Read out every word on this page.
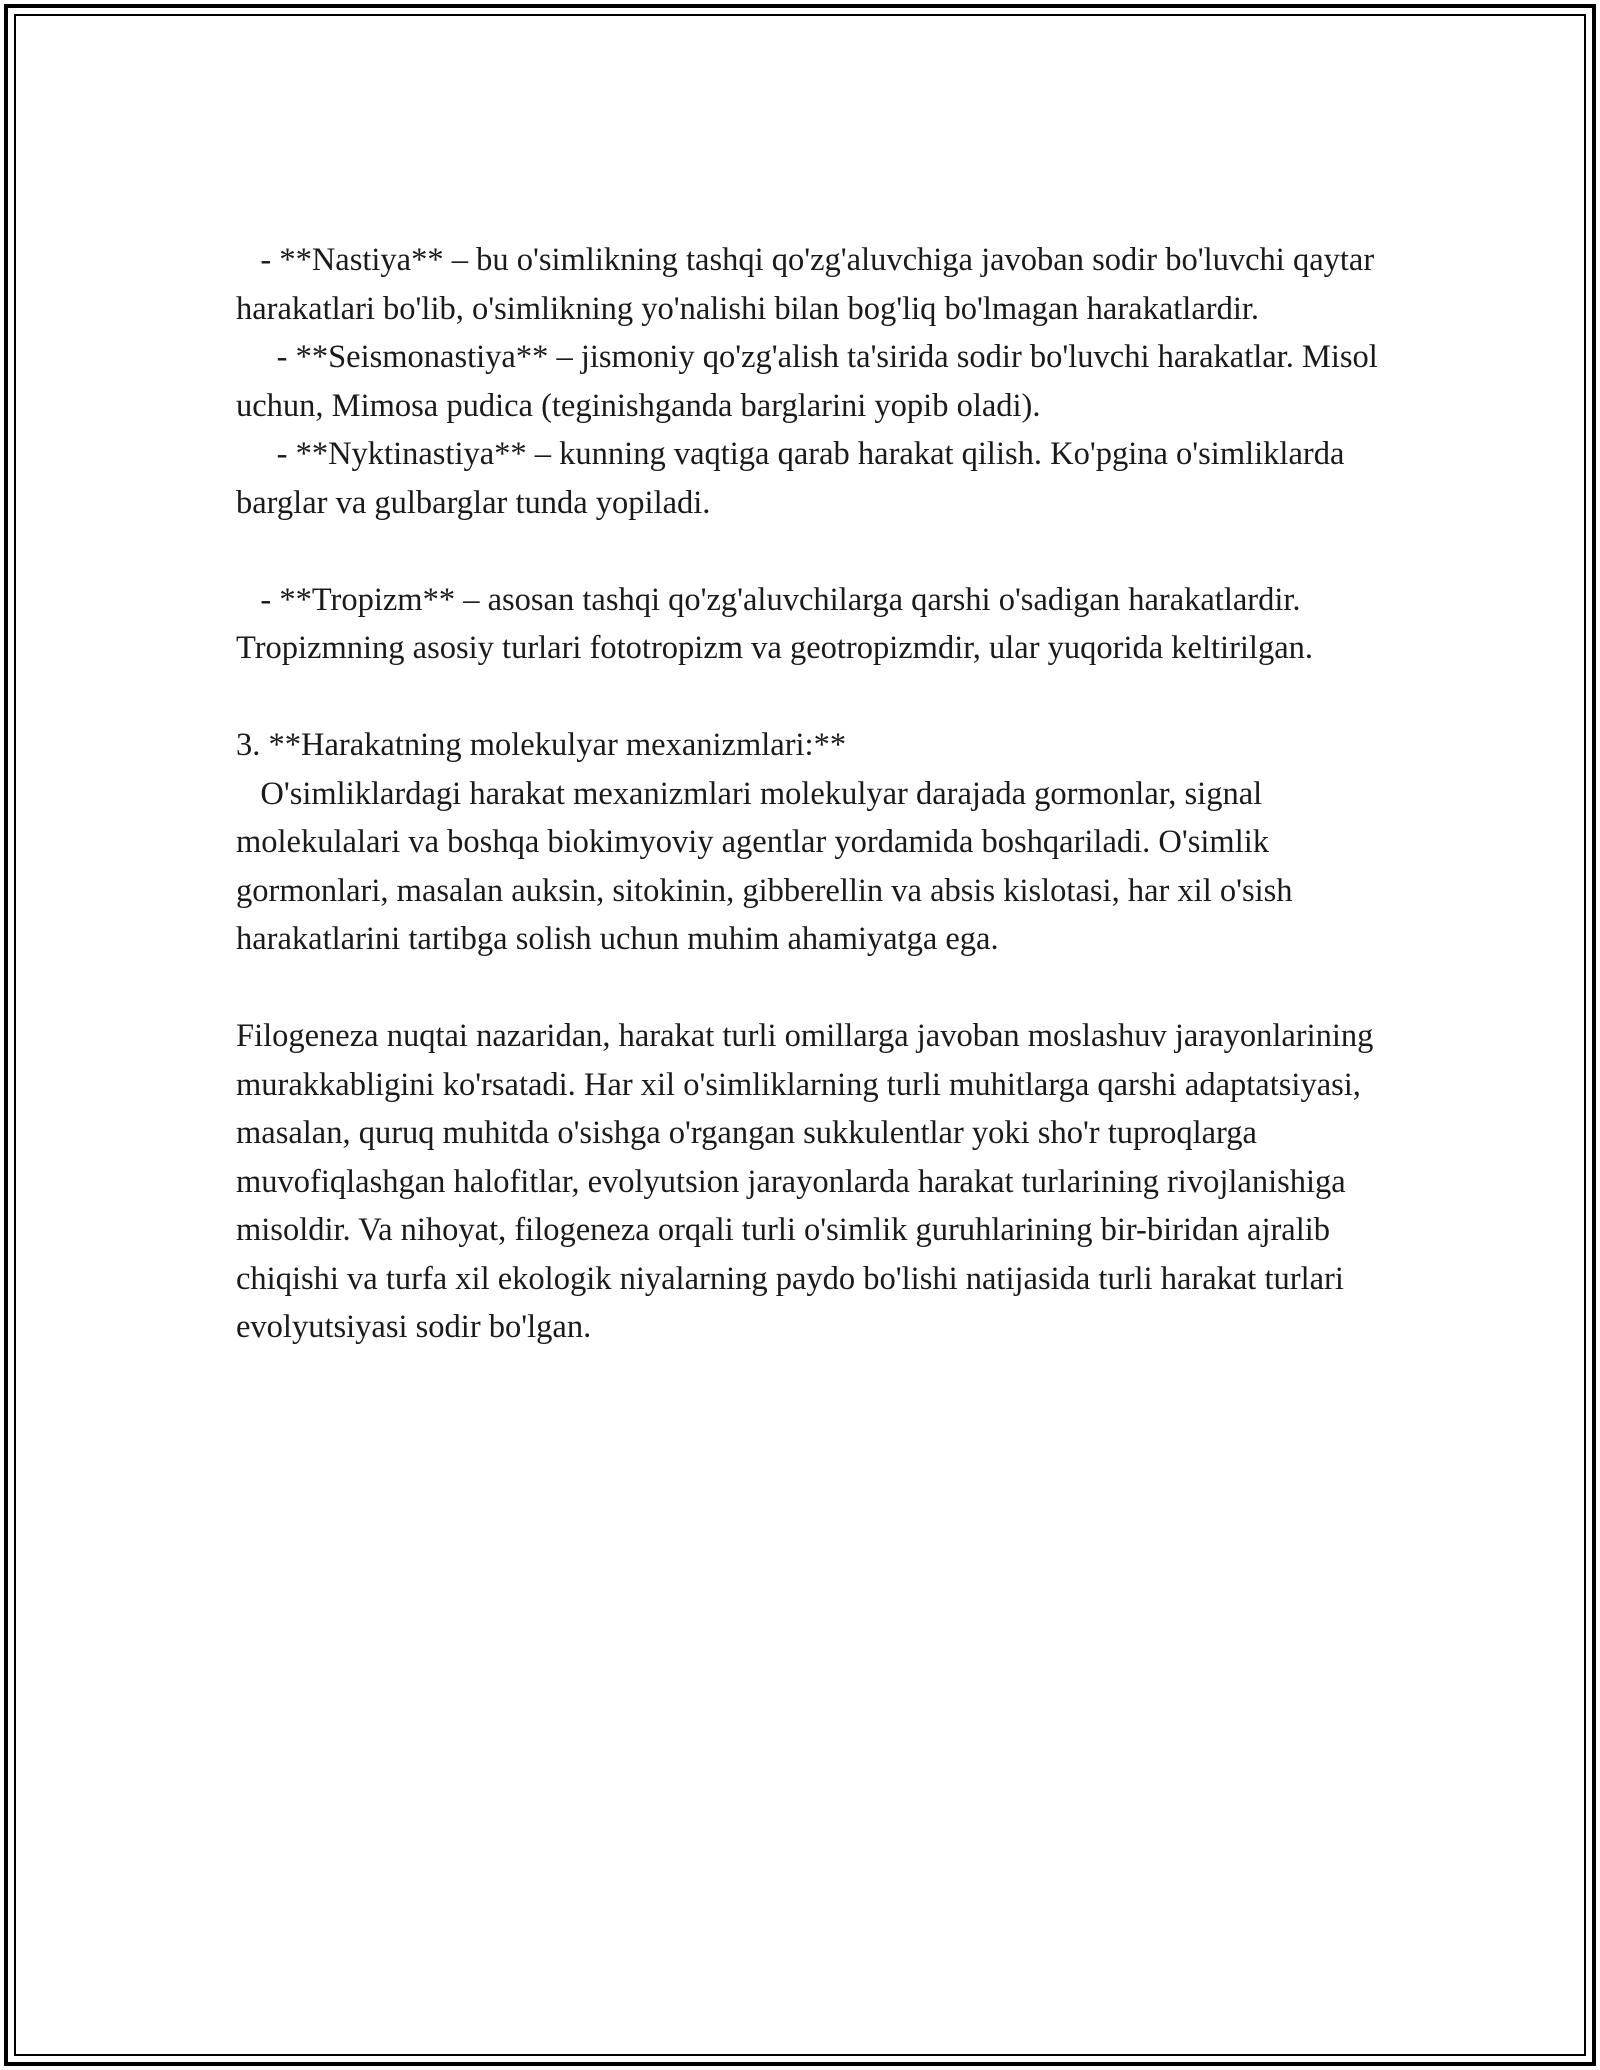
- **Nastiya** – bu o'simlikning tashqi qo'zg'aluvchiga javoban sodir bo'luvchi qaytar harakatlari bo'lib, o'simlikning yo'nalishi bilan bog'liq bo'lmagan harakatlardir.

- **Seismonastiya** – jismoniy qo'zg'alish ta'sirida sodir bo'luvchi harakatlar. Misol uchun, Mimosa pudica (teginishganda barglarini yopib oladi).

- **Nyktinastiya** – kunning vaqtiga qarab harakat qilish. Ko'pgina o'simliklarda barglar va gulbarglar tunda yopiladi.

- **Tropizm** – asosan tashqi qo'zg'aluvchilarga qarshi o'sadigan harakatlardir. Tropizmning asosiy turlari fototropizm va geotropizmdir, ular yuqorida keltirilgan.

3. **Harakatning molekulyar mexanizmlari:**

O'simliklardagi harakat mexanizmlari molekulyar darajada gormonlar, signal molekulalari va boshqa biokimyoviy agentlar yordamida boshqariladi. O'simlik gormonlari, masalan auksin, sitokinin, gibberellin va absis kislotasi, har xil o'sish harakatlarini tartibga solish uchun muhim ahamiyatga ega.

Filogeneza nuqtai nazaridan, harakat turli omillarga javoban moslashuv jarayonlarining murakkabligini ko'rsatadi. Har xil o'simliklarning turli muhitlarga qarshi adaptatsiyasi, masalan, quruq muhitda o'sishga o'rgangan sukkulentlar yoki sho'r tuproqlarga muvofiqlashgan halofitlar, evolyutsion jarayonlarda harakat turlarining rivojlanishiga misoldir. Va nihoyat, filogeneza orqali turli o'simlik guruhlarining bir-biridan ajralib chiqishi va turfa xil ekologik niyalarning paydo bo'lishi natijasida turli harakat turlari evolyutsiyasi sodir bo'lgan.
